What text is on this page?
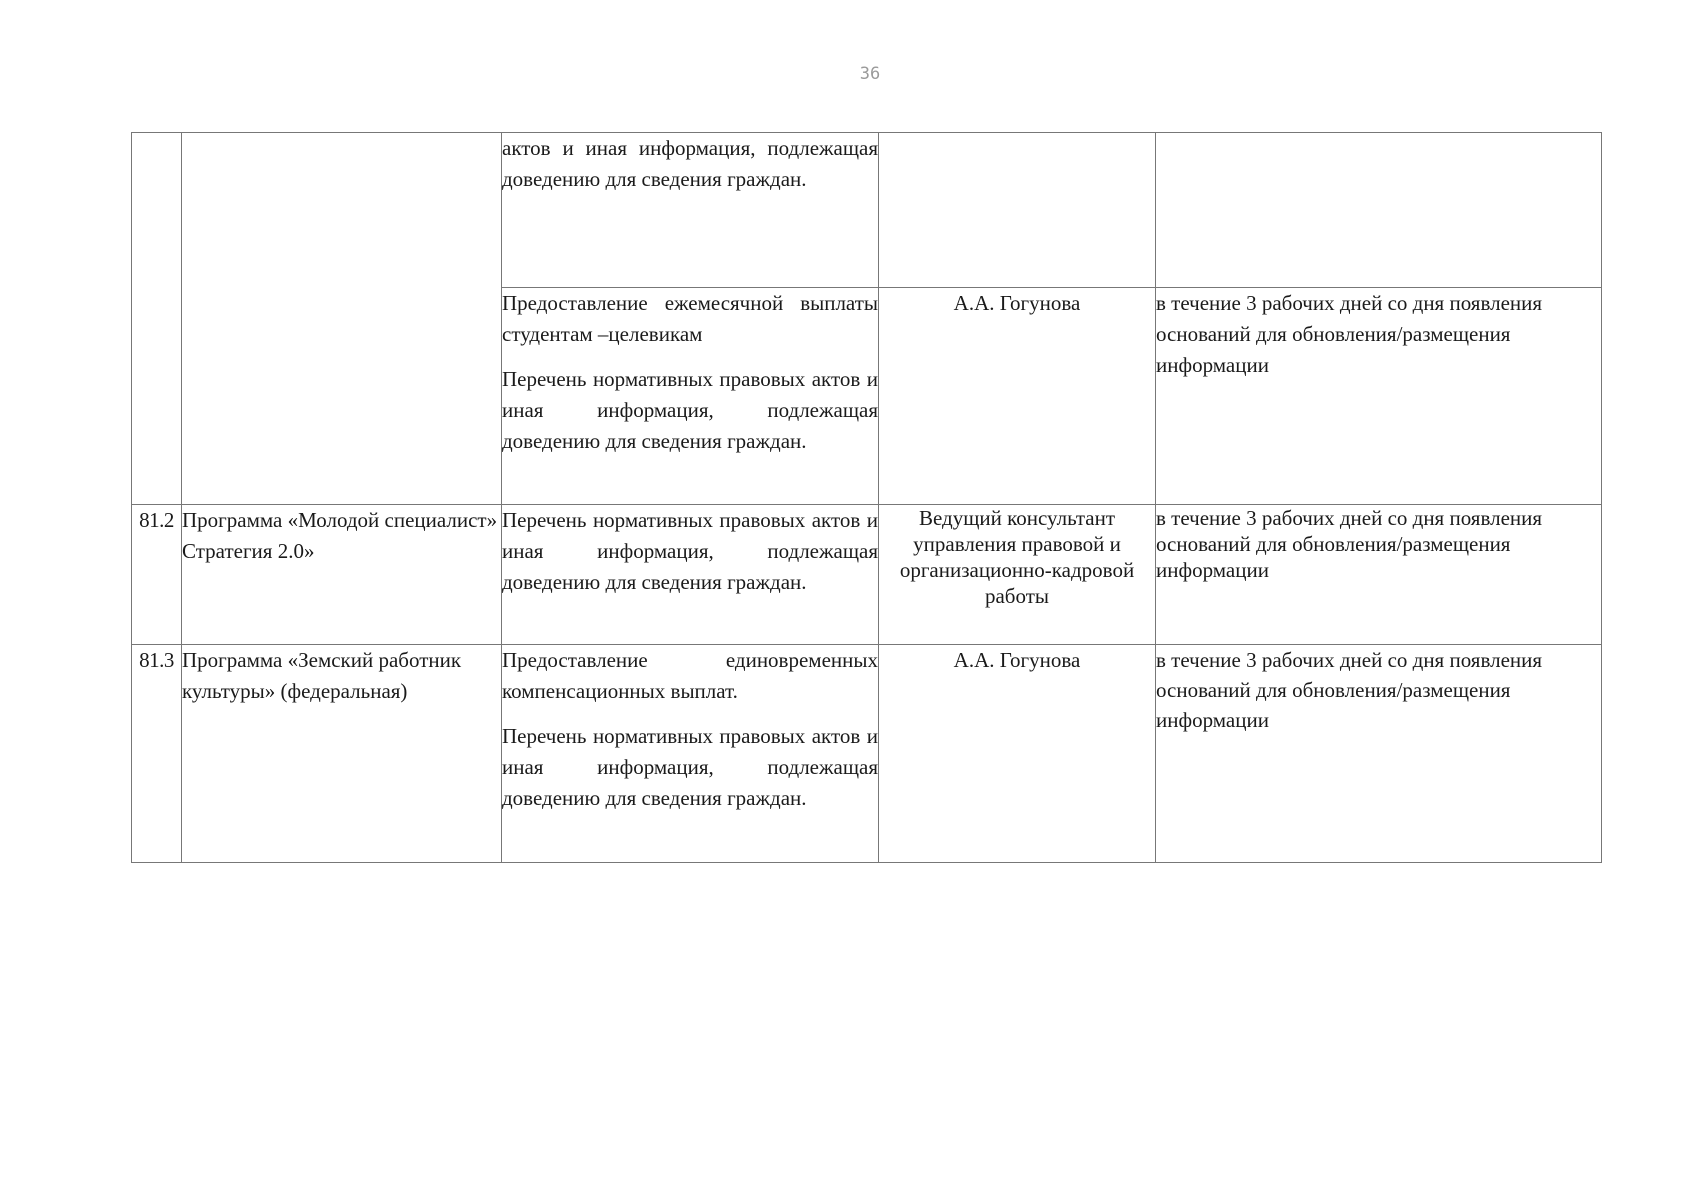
36

		актов и иная информация, подлежащая доведению для сведения граждан.		

		Предоставление ежемесячной выплаты студентам –целевикам
Перечень нормативных правовых актов и иная информация, подлежащая доведению для сведения граждан.	А.А. Гогунова	в течение 3 рабочих дней со дня появления оснований для обновления/размещения информации
81.2	Программа «Молодой специалист» Стратегия 2.0»	Перечень нормативных правовых актов и иная информация, подлежащая доведению для сведения граждан.	Ведущий консультант управления правовой и организационно-кадровой работы	в течение 3 рабочих дней со дня появления оснований для обновления/размещения информации
81.3	Программа «Земский работник культуры» (федеральная)	Предоставление единовременных компенсационных выплат.
Перечень нормативных правовых актов и иная информация, подлежащая доведению для сведения граждан.	А.А. Гогунова	в течение 3 рабочих дней со дня появления оснований для обновления/размещения информации
